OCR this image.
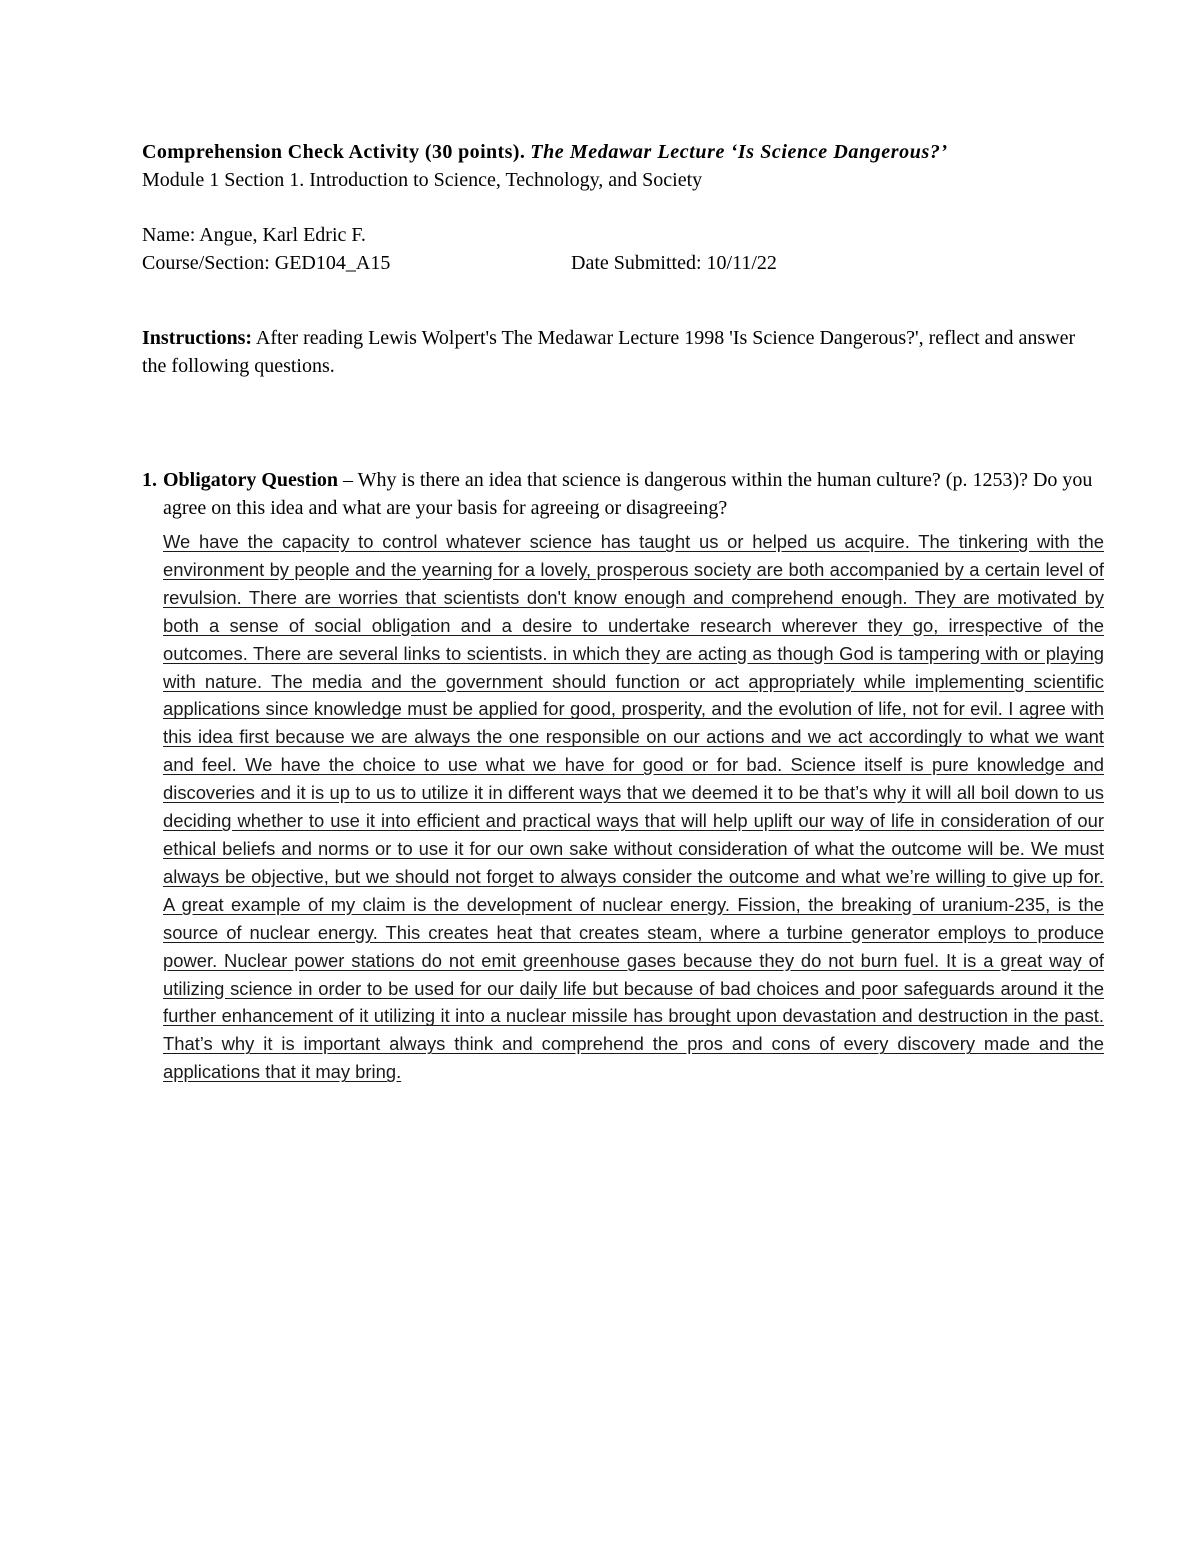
Comprehension Check Activity (30 points). The Medawar Lecture ‘Is Science Dangerous?’
Module 1 Section 1. Introduction to Science, Technology, and Society
Name: Angue, Karl Edric F.
Course/Section: GED104_A15	Date Submitted: 10/11/22
Instructions: After reading Lewis Wolpert's The Medawar Lecture 1998 'Is Science Dangerous?', reflect and answer the following questions.
1. Obligatory Question – Why is there an idea that science is dangerous within the human culture? (p. 1253)? Do you agree on this idea and what are your basis for agreeing or disagreeing?
We have the capacity to control whatever science has taught us or helped us acquire. The tinkering with the environment by people and the yearning for a lovely, prosperous society are both accompanied by a certain level of revulsion. There are worries that scientists don't know enough and comprehend enough. They are motivated by both a sense of social obligation and a desire to undertake research wherever they go, irrespective of the outcomes. There are several links to scientists. in which they are acting as though God is tampering with or playing with nature. The media and the government should function or act appropriately while implementing scientific applications since knowledge must be applied for good, prosperity, and the evolution of life, not for evil. I agree with this idea first because we are always the one responsible on our actions and we act accordingly to what we want and feel. We have the choice to use what we have for good or for bad. Science itself is pure knowledge and discoveries and it is up to us to utilize it in different ways that we deemed it to be that’s why it will all boil down to us deciding whether to use it into efficient and practical ways that will help uplift our way of life in consideration of our ethical beliefs and norms or to use it for our own sake without consideration of what the outcome will be. We must always be objective, but we should not forget to always consider the outcome and what we’re willing to give up for. A great example of my claim is the development of nuclear energy. Fission, the breaking of uranium-235, is the source of nuclear energy. This creates heat that creates steam, where a turbine generator employs to produce power. Nuclear power stations do not emit greenhouse gases because they do not burn fuel. It is a great way of utilizing science in order to be used for our daily life but because of bad choices and poor safeguards around it the further enhancement of it utilizing it into a nuclear missile has brought upon devastation and destruction in the past. That’s why it is important always think and comprehend the pros and cons of every discovery made and the applications that it may bring.
